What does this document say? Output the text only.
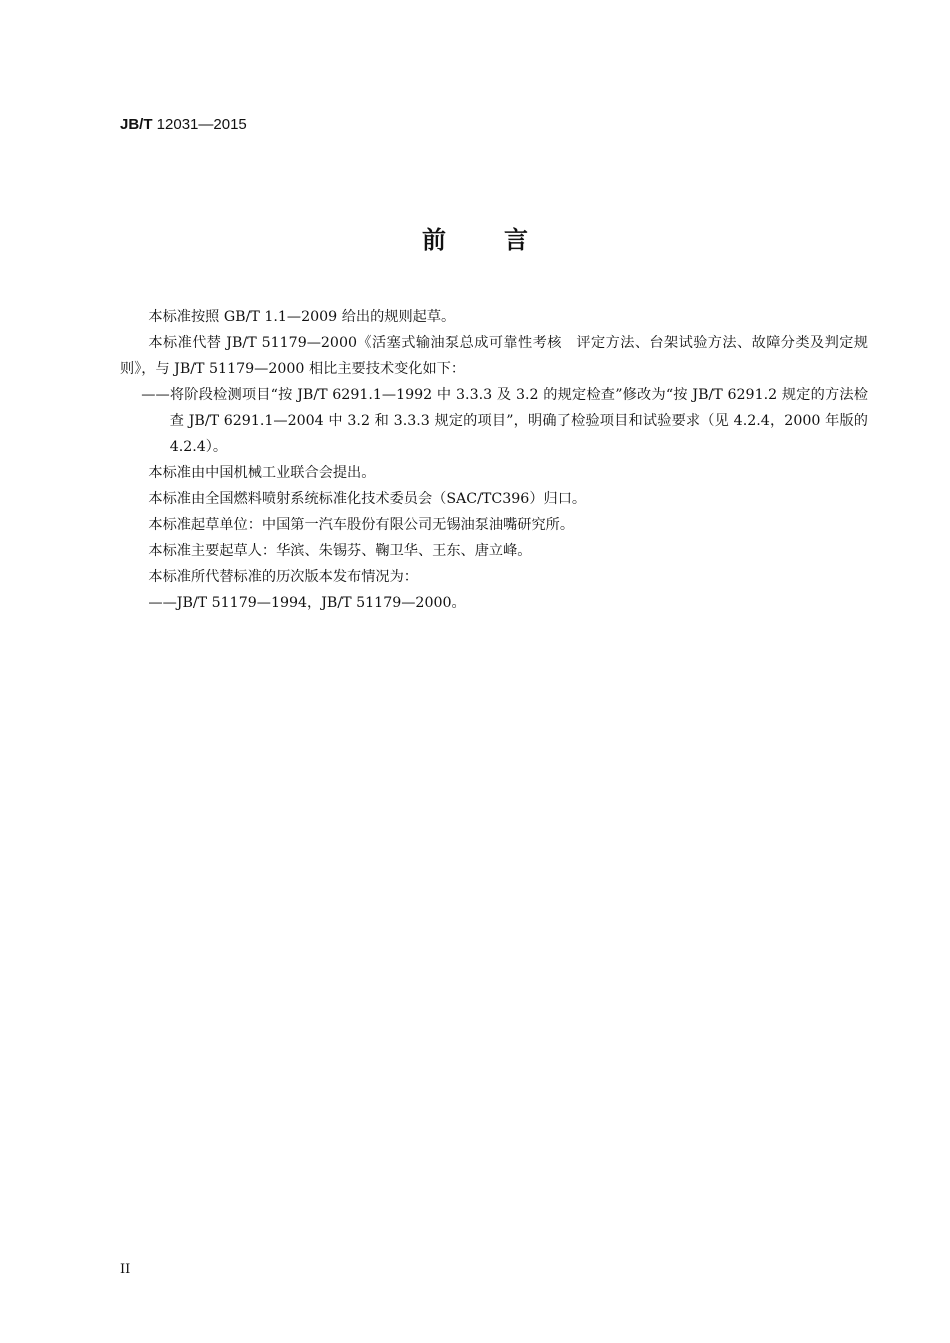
JB/T 12031—2015
前言

本标准按照 GB/T 1.1—2009 给出的规则起草。

本标准代替 JB/T 51179—2000《活塞式输油泵总成可靠性考核　评定方法、台架试验方法、故障分类及判定规则》，与 JB/T 51179—2000 相比主要技术变化如下：

——将阶段检测项目“按 JB/T 6291.1—1992 中 3.3.3 及 3.2 的规定检查”修改为“按 JB/T 6291.2 规定的方法检查 JB/T 6291.1—2004 中 3.2 和 3.3.3 规定的项目”，明确了检验项目和试验要求（见 4.2.4，2000 年版的 4.2.4）。

本标准由中国机械工业联合会提出。

本标准由全国燃料喷射系统标准化技术委员会（SAC/TC396）归口。

本标准起草单位：中国第一汽车股份有限公司无锡油泵油嘴研究所。

本标准主要起草人：华滨、朱锡芬、鞠卫华、王东、唐立峰。

本标准所代替标准的历次版本发布情况为：

——JB/T 51179—1994，JB/T 51179—2000。

II
